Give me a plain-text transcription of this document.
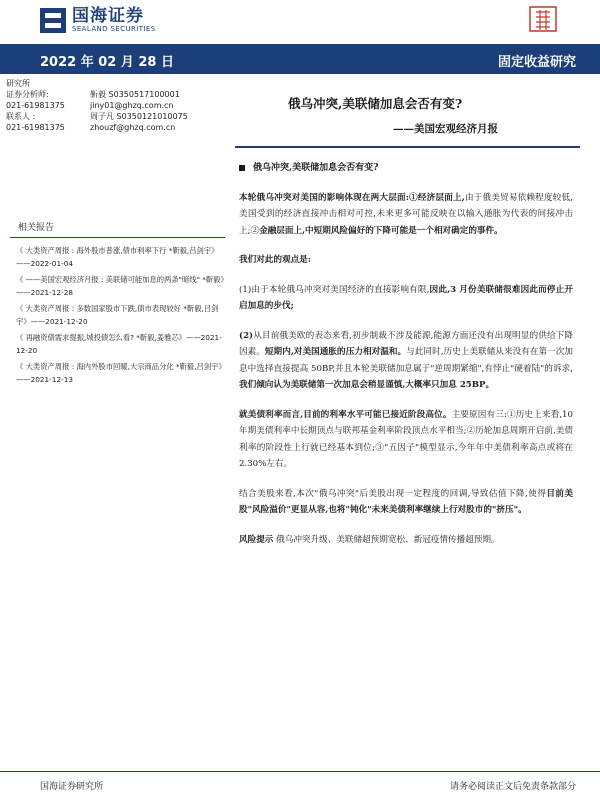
国海证券
SEALAND SECURITIES
2022 年 02 月 28 日	固定收益研究
研究所
证券分析师:	靳毅 S0350517100001
021-61981375	jiny01@ghzq.com.cn
联系人 :	周子凡 S0350121010075
021-61981375	zhouzf@ghzq.com.cn
俄乌冲突,美联储加息会否有变?
——美国宏观经济月报
相关报告
《 大类资产周报 : 海外股市普涨,债市利率下行 *靳毅,吕剑宇》——2022-01-04
《 ——美国宏观经济月报 : 美联储可能加息的两条"暗线" *靳毅》——2021-12-28
《 大类资产周报 : 多数国家股市下跌,债市表现较好 *靳毅,吕剑宇》——2021-12-20
《 再融资债需求提振,城投债怎么看? *靳毅,姜雅芯》——2021-12-20
《 大类资产周报 : 海内外股市回暖,大宗商品分化 *靳毅,吕剑宇》——2021-12-13
俄乌冲突,美联储加息会否有变?

本轮俄乌冲突对美国的影响体现在两大层面:①经济层面上,由于俄美贸易依赖程度较低,美国受到的经济直接冲击相对可控,未来更多可能反映在以输入通胀为代表的间接冲击上;②金融层面上,中短期风险偏好的下降可能是一个相对确定的事件。

我们对此的观点是:

(1)由于本轮俄乌冲突对美国经济的直接影响有限,因此,3 月份美联储很难因此而停止开启加息的步伐;

(2)从目前俄美欧的表态来看,初步制裁不涉及能源,能源方面还没有出现明显的供给下降因素。短期内,对美国通胀的压力相对温和。与此同时,历史上美联储从来没有在第一次加息中选择直接提高 50BP,并且本轮美联储加息属于"逆周期紧缩",有悖止"硬着陆"的诉求,我们倾向认为美联储第一次加息会稍显谨慎,大概率只加息 25BP。

就美债利率而言,目前的利率水平可能已接近阶段高位。主要原因有三:①历史上来看,10 年期美债利率中长期顶点与联邦基金利率阶段顶点水平相当;②历轮加息周期开启前,美债利率的阶段性上行就已经基本到位;③"五因子"模型显示,今年年中美债利率高点或将在 2.30%左右。

结合美股来看,本次"俄乌冲突"后美股出现一定程度的回调,导致估值下降,使得目前美股"风险溢价"更显从容,也将"钝化"未来美债利率继续上行对股市的"挤压"。

风险提示 俄乌冲突升级、美联储超预期宽松、新冠疫情传播超预期。

国海证券研究所	请务必阅读正文后免责条款部分
